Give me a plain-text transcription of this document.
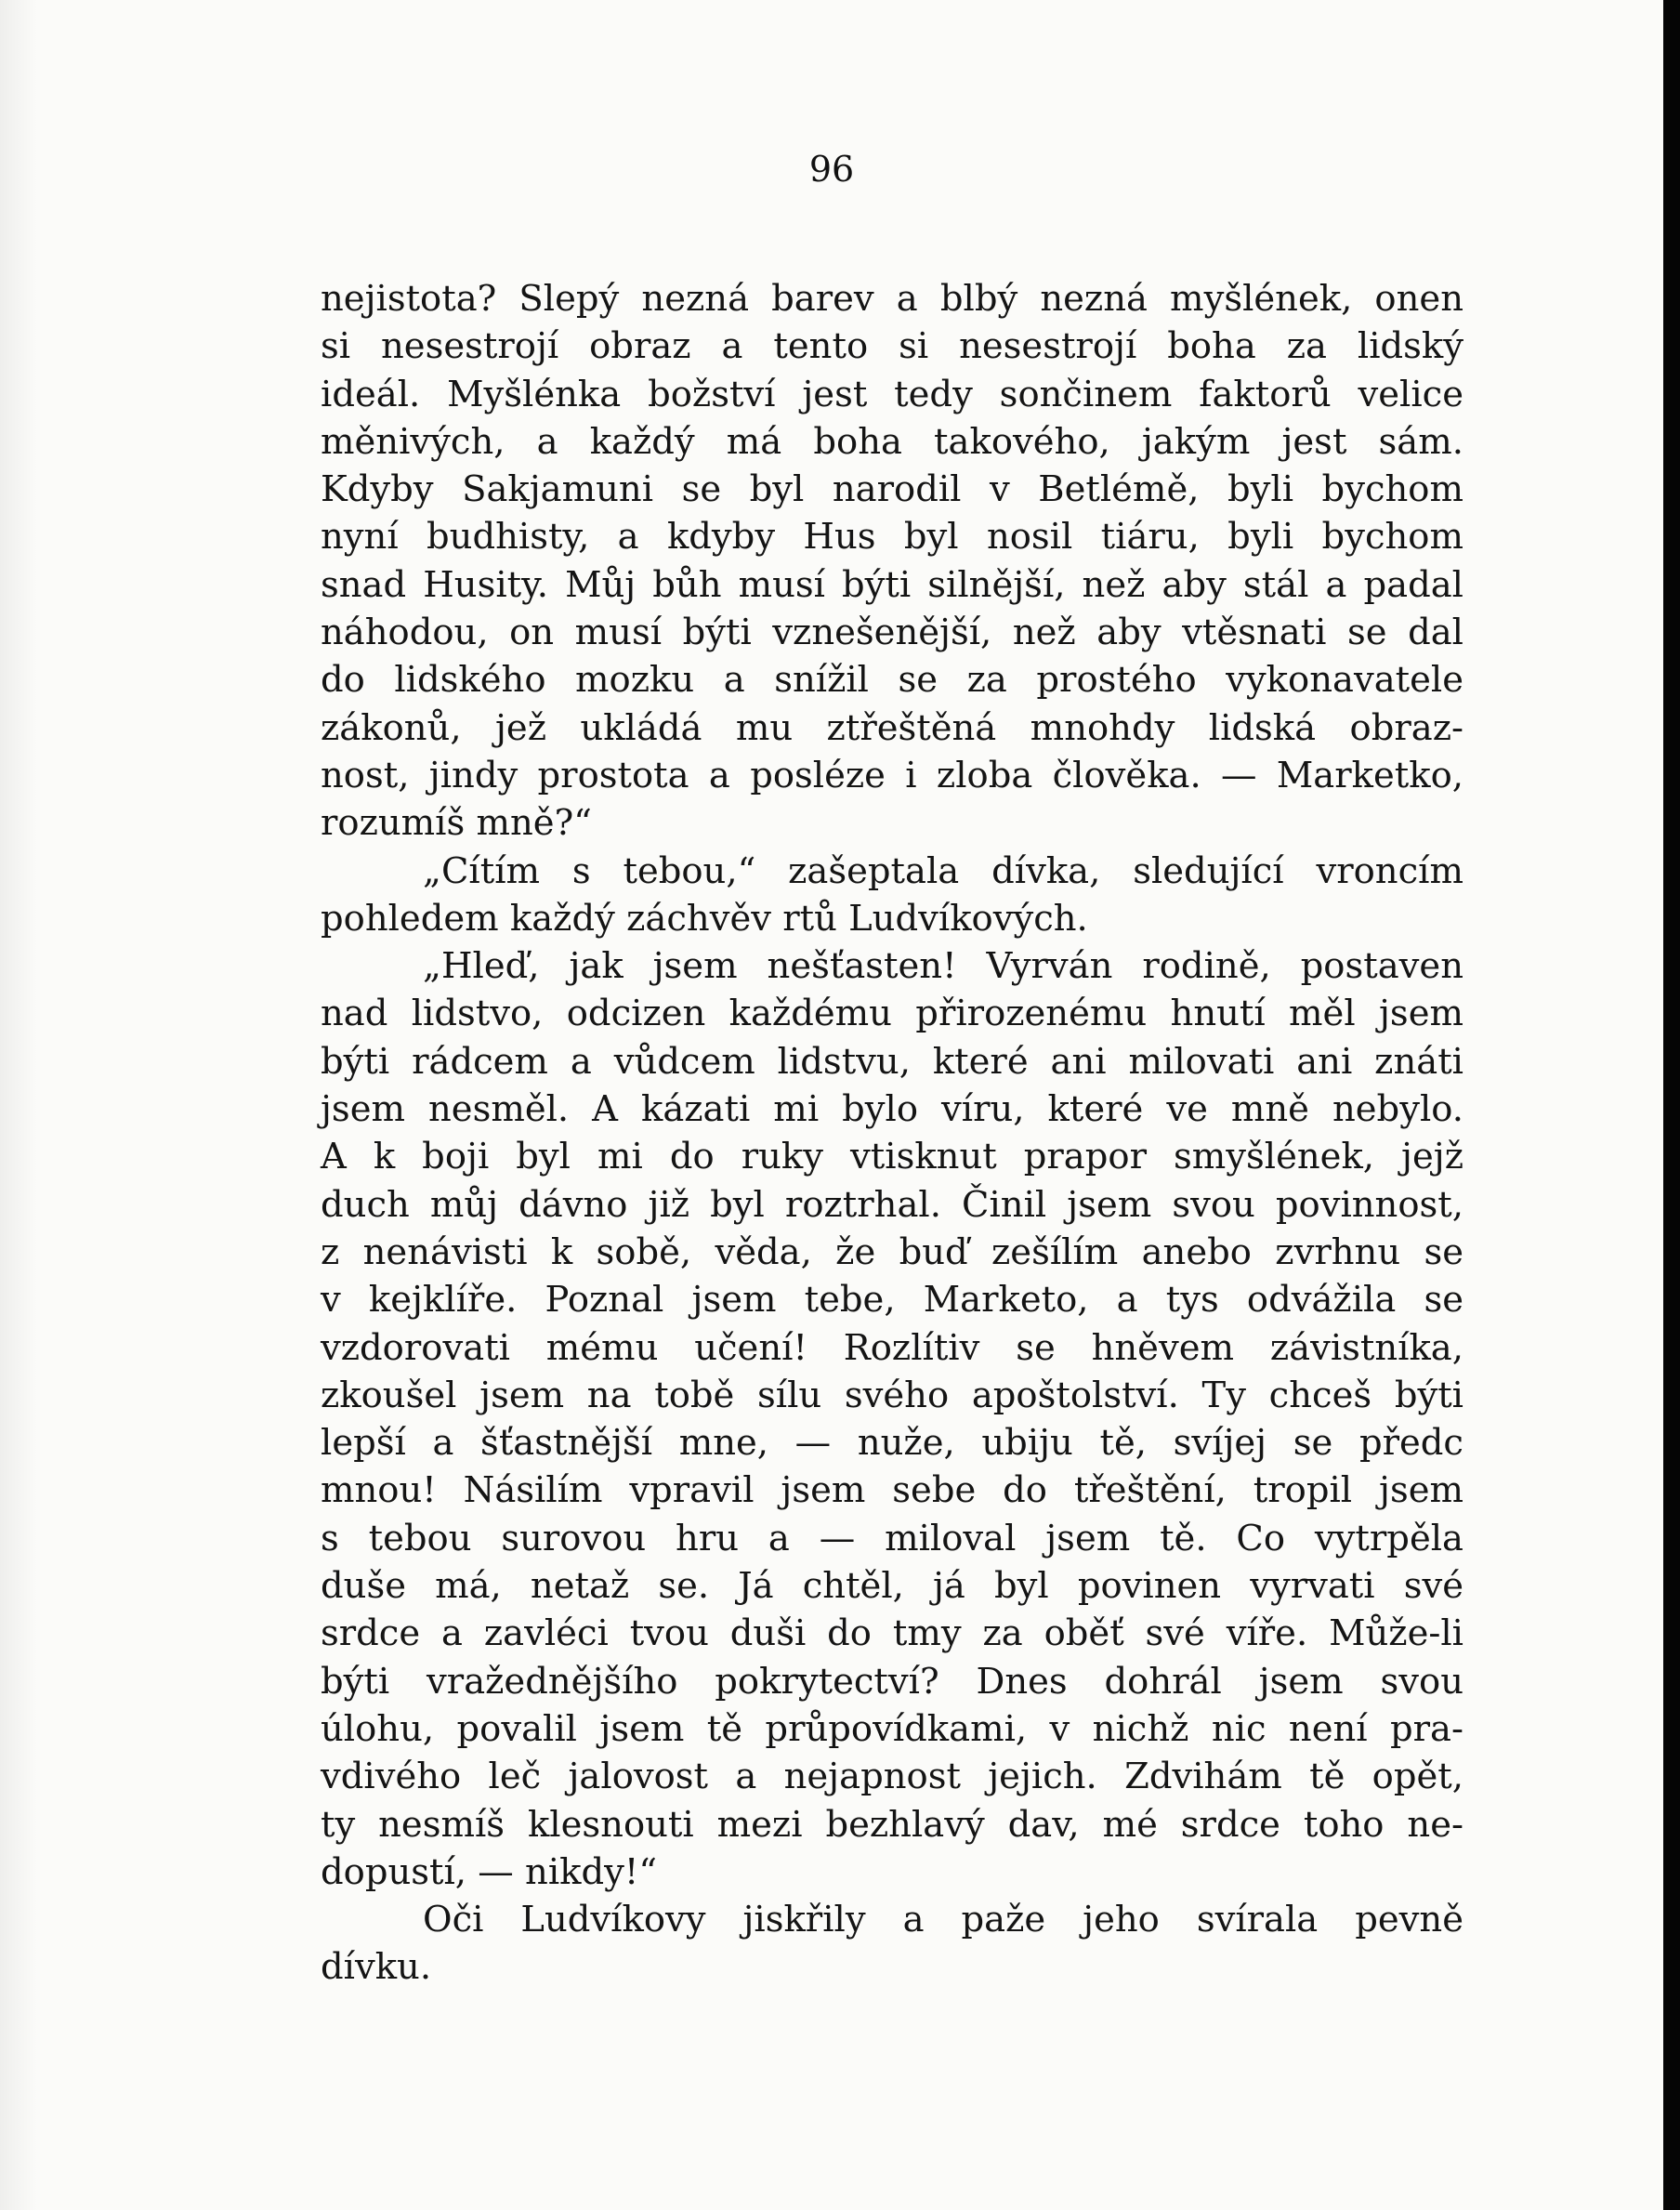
96
nejistota? Slepý nezná barev a blbý nezná myšlének, onen
si nesestrojí obraz a tento si nesestrojí boha za lidský
ideál. Myšlénka božství jest tedy sončinem faktorů velice
měnivých, a každý má boha takového, jakým jest sám.
Kdyby Sakjamuni se byl narodil v Betlémě, byli bychom
nyní budhisty, a kdyby Hus byl nosil tiáru, byli bychom
snad Husity. Můj bůh musí býti silnější, než aby stál a padal
náhodou, on musí býti vznešenější, než aby vtěsnati se dal
do lidského mozku a snížil se za prostého vykonavatele
zákonů, jež ukládá mu ztřeštěná mnohdy lidská obraz-
nost, jindy prostota a posléze i zloba člověka. — Marketko,
rozumíš mně?“
„Cítím s tebou,“ zašeptala dívka, sledující vroncím
pohledem každý záchvěv rtů Ludvíkových.
„Hleď, jak jsem nešťasten! Vyrván rodině, postaven
nad lidstvo, odcizen každému přirozenému hnutí měl jsem
býti rádcem a vůdcem lidstvu, které ani milovati ani znáti
jsem nesměl. A kázati mi bylo víru, které ve mně nebylo.
A k boji byl mi do ruky vtisknut prapor smyšlének, jejž
duch můj dávno již byl roztrhal. Činil jsem svou povinnost,
z nenávisti k sobě, věda, že buď zešílím anebo zvrhnu se
v kejklíře. Poznal jsem tebe, Marketo, a tys odvážila se
vzdorovati mému učení! Rozlítiv se hněvem závistníka,
zkoušel jsem na tobě sílu svého apoštolství. Ty chceš býti
lepší a šťastnější mne, — nuže, ubiju tě, svíjej se předc
mnou! Násilím vpravil jsem sebe do třeštění, tropil jsem
s tebou surovou hru a — miloval jsem tě. Co vytrpěla
duše má, netaž se. Já chtěl, já byl povinen vyrvati své
srdce a zavléci tvou duši do tmy za oběť své víře. Může-li
býti vražednějšího pokrytectví? Dnes dohrál jsem svou
úlohu, povalil jsem tě průpovídkami, v nichž nic není pra-
vdivého leč jalovost a nejapnost jejich. Zdvihám tě opět,
ty nesmíš klesnouti mezi bezhlavý dav, mé srdce toho ne-
dopustí, — nikdy!“
Oči Ludvíkovy jiskřily a paže jeho svírala pevně
dívku.
